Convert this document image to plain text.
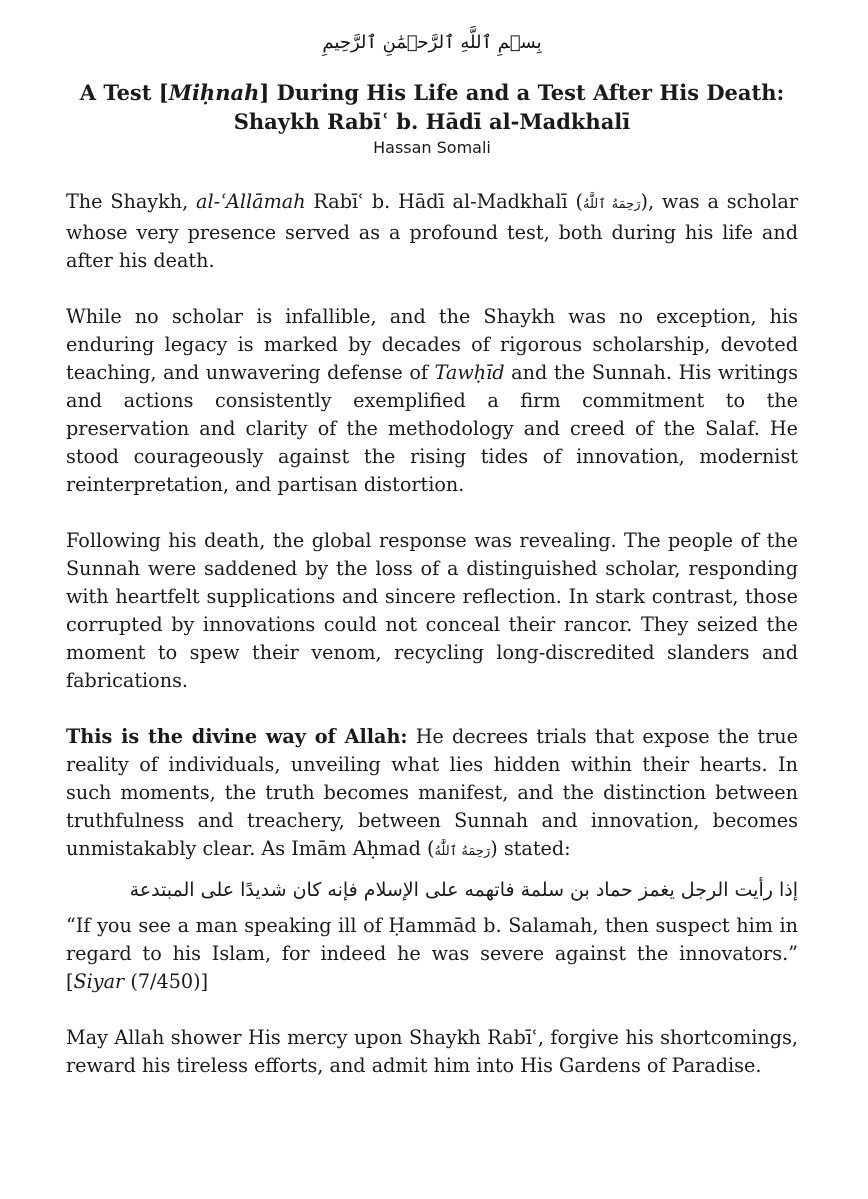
بِسۡمِ ٱللَّهِ ٱلرَّحۡمَٰنِ ٱلرَّحِيمِ
A Test [Miḥnah] During His Life and a Test After His Death:
Shaykh Rabīʿ b. Hādī al-Madkhalī
Hassan Somali

The Shaykh, al-ʿAllāmah Rabīʿ b. Hādī al-Madkhalī (رَحِمَهُ ٱللَّٰهُ), was a scholar whose very presence served as a profound test, both during his life and after his death.

While no scholar is infallible, and the Shaykh was no exception, his enduring legacy is marked by decades of rigorous scholarship, devoted teaching, and unwavering defense of Tawḥīd and the Sunnah. His writings and actions consistently exemplified a firm commitment to the preservation and clarity of the methodology and creed of the Salaf. He stood courageously against the rising tides of innovation, modernist reinterpretation, and partisan distortion.

Following his death, the global response was revealing. The people of the Sunnah were saddened by the loss of a distinguished scholar, responding with heartfelt supplications and sincere reflection. In stark contrast, those corrupted by innovations could not conceal their rancor. They seized the moment to spew their venom, recycling long-discredited slanders and fabrications.

This is the divine way of Allah: He decrees trials that expose the true reality of individuals, unveiling what lies hidden within their hearts. In such moments, the truth becomes manifest, and the distinction between truthfulness and treachery, between Sunnah and innovation, becomes unmistakably clear. As Imām Aḥmad (رَحِمَهُ ٱللَّٰهُ) stated:

إذا رأيت الرجل يغمز حماد بن سلمة فاتهمه على الإسلام فإنه كان شديدًا على المبتدعة

“If you see a man speaking ill of Ḥammād b. Salamah, then suspect him in regard to his Islam, for indeed he was severe against the innovators.” [Siyar (7/450)]

May Allah shower His mercy upon Shaykh Rabīʿ, forgive his shortcomings, reward his tireless efforts, and admit him into His Gardens of Paradise.
